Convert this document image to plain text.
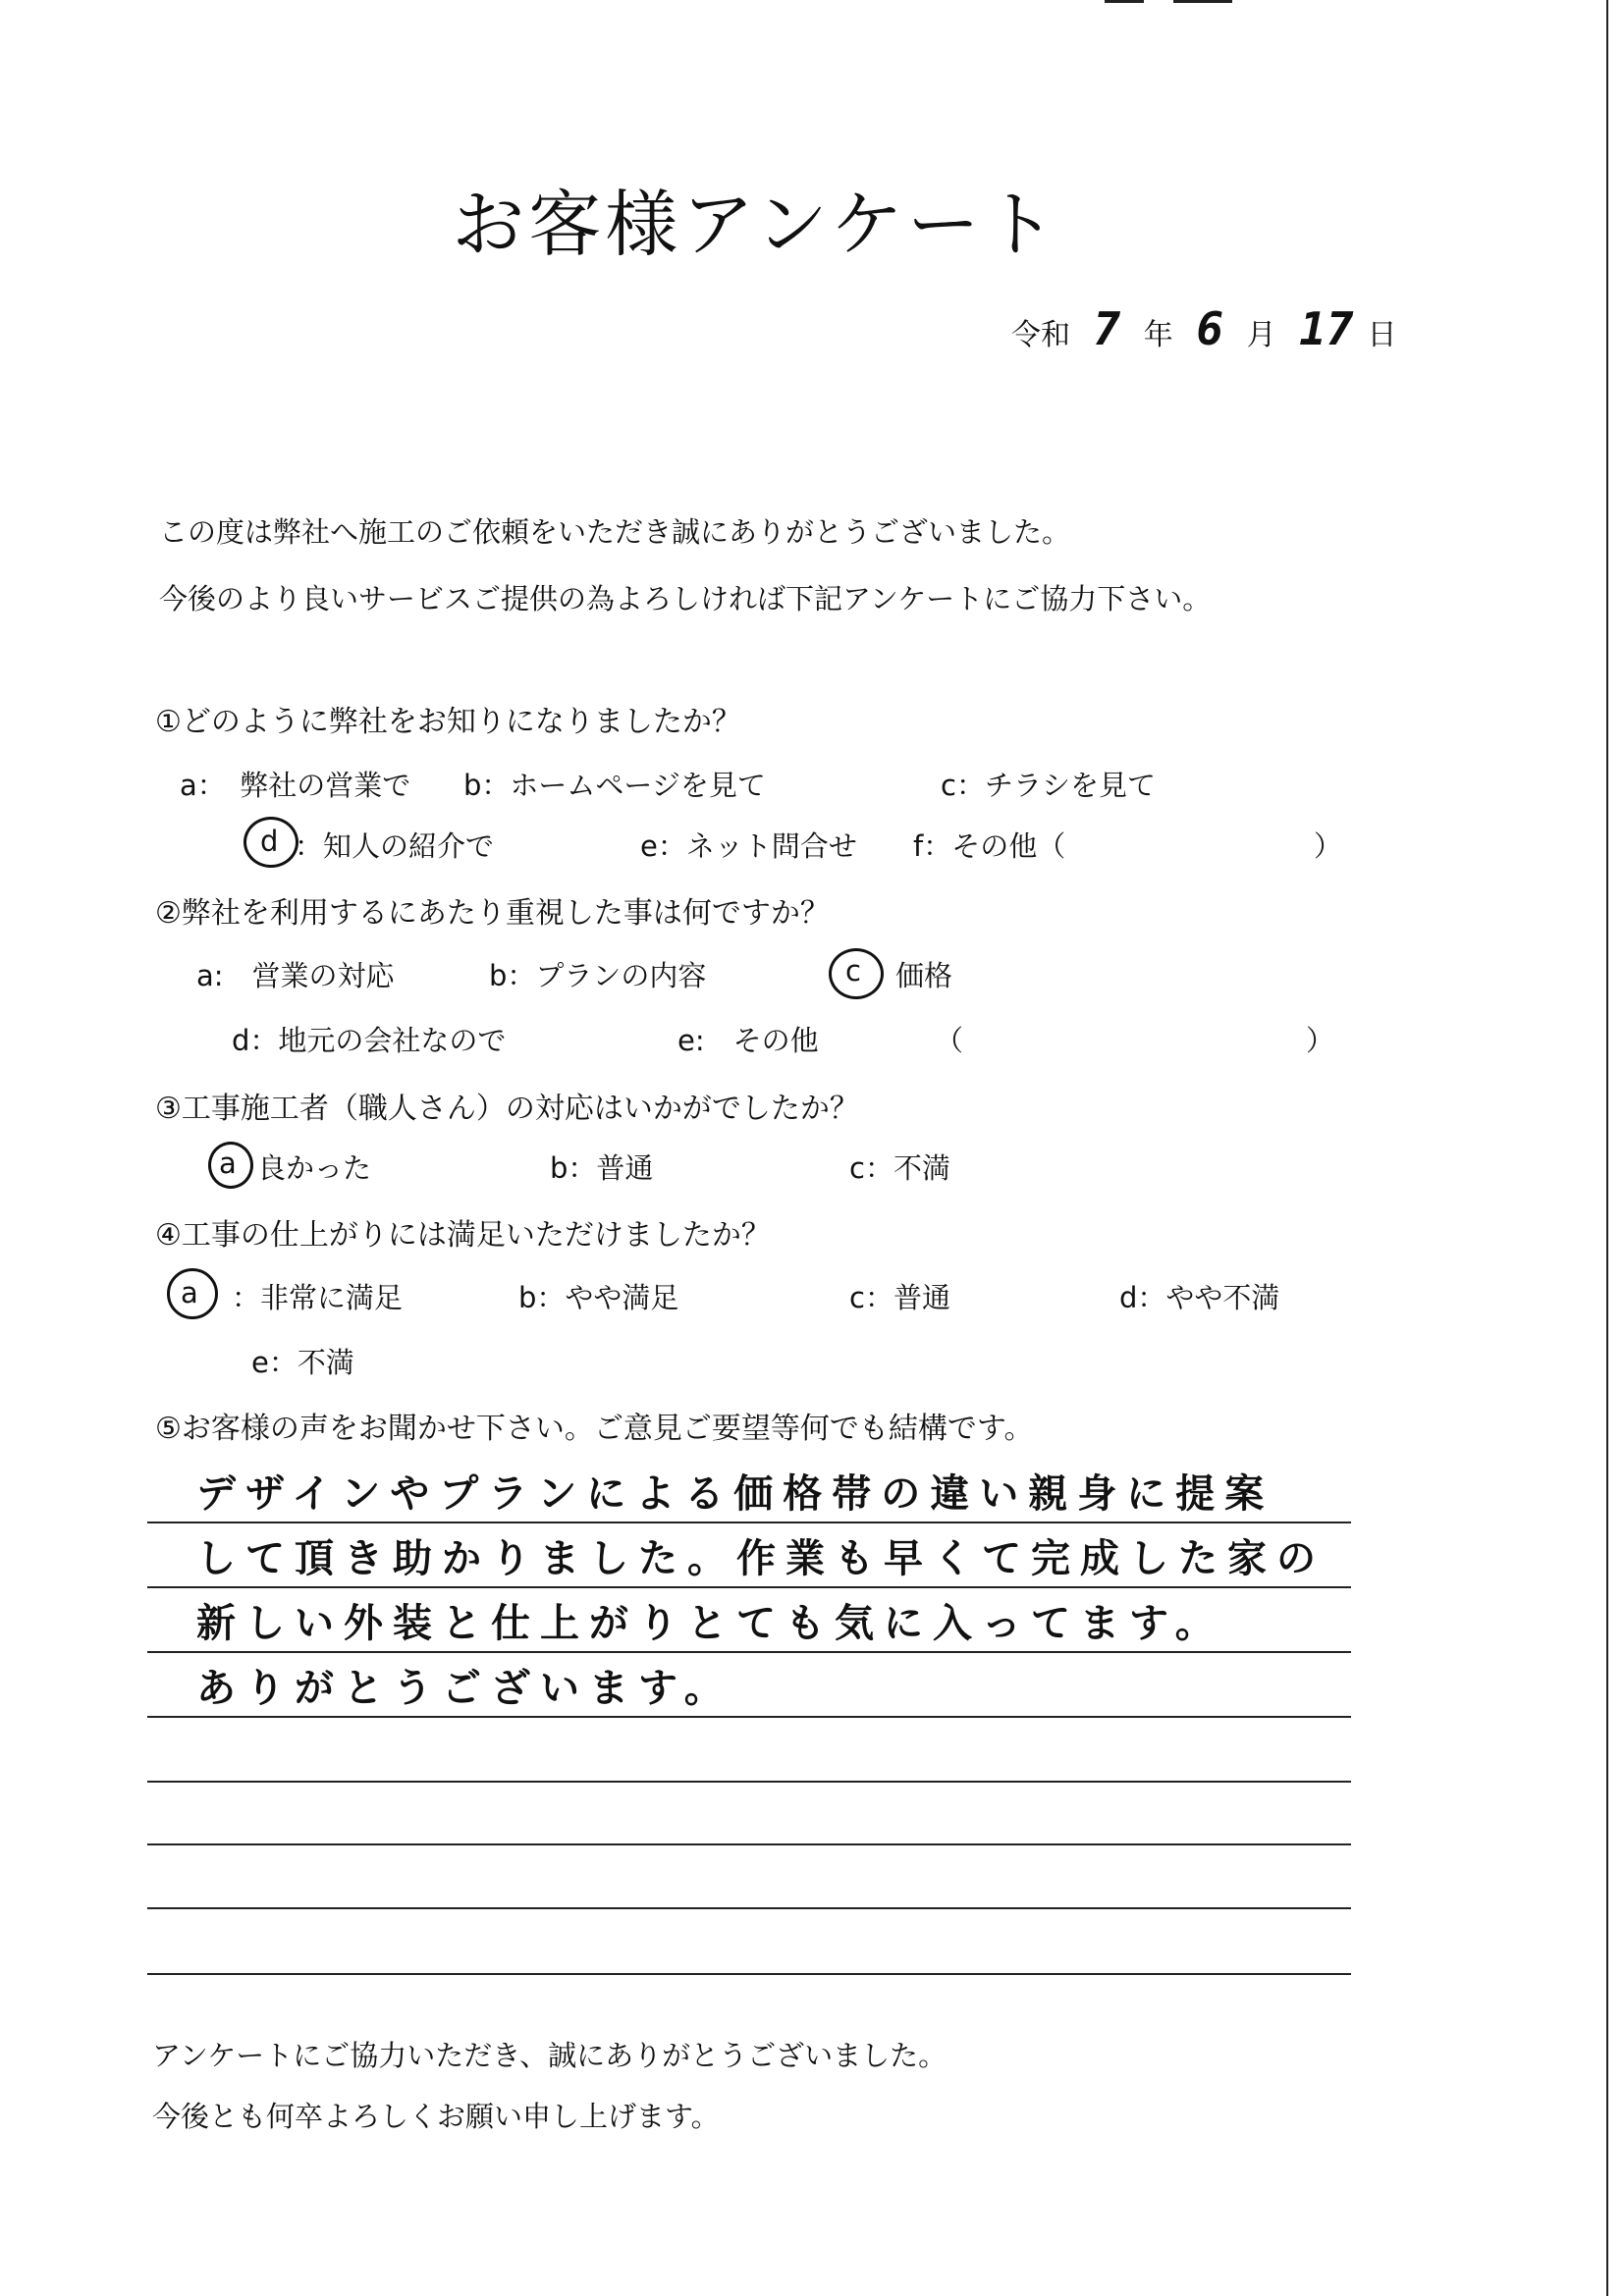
お客様アンケート
令和 7 年 6 月 17 日
この度は弊社へ施工のご依頼をいただき誠にありがとうございました。
今後のより良いサービスご提供の為よろしければ下記アンケートにご協力下さい。
①どのように弊社をお知りになりましたか？
a：　弊社の営業で b：ホームページを見て	c：チラシを見て
d ：知人の紹介で	e：ネット問合せ f：その他（	）
②弊社を利用するにあたり重視した事は何ですか？
a:　営業の対応	b：プランの内容	c 価格
d：地元の会社なので	e:　その他	（	）
③工事施工者（職人さん）の対応はいかがでしたか？
a 良かった	b：普通	c：不満
④工事の仕上がりには満足いただけましたか？
a ：非常に満足	b：やや満足	c：普通	d：やや不満
e：不満
⑤お客様の声をお聞かせ下さい。ご意見ご要望等何でも結構です。
デザインやプランによる価格帯の違い親身に提案
して頂き助かりました。作業も早くて完成した家の
新しい外装と仕上がりとても気に入ってます。
ありがとうございます。
アンケートにご協力いただき、誠にありがとうございました。
今後とも何卒よろしくお願い申し上げます。
